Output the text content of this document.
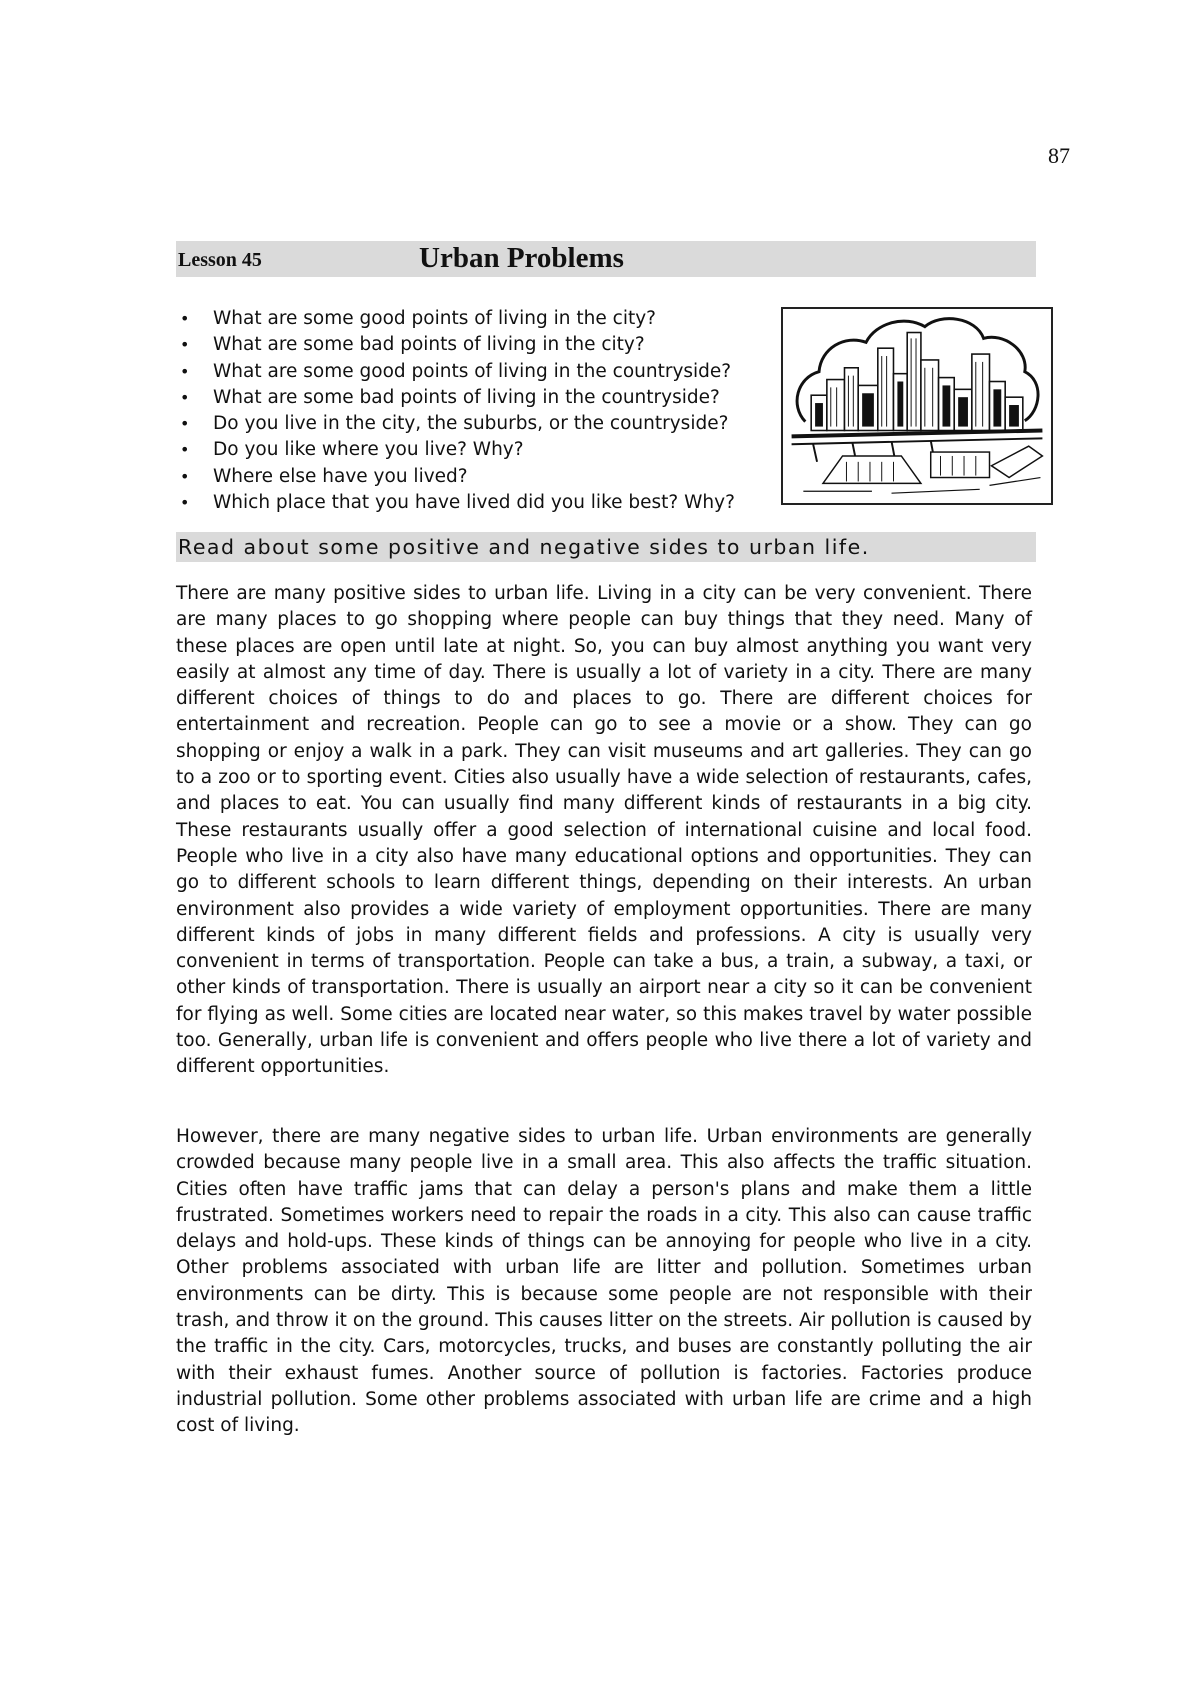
87
Lesson 45	Urban Problems
• What are some good points of living in the city?
• What are some bad points of living in the city?
• What are some good points of living in the countryside?
• What are some bad points of living in the countryside?
• Do you live in the city, the suburbs, or the countryside?
• Do you like where you live? Why?
• Where else have you lived?
• Which place that you have lived did you like best? Why?
Read about some positive and negative sides to urban life.

There are many positive sides to urban life. Living in a city can be very convenient. There are many places to go shopping where people can buy things that they need. Many of these places are open until late at night. So, you can buy almost anything you want very easily at almost any time of day. There is usually a lot of variety in a city. There are many different choices of things to do and places to go. There are different choices for entertainment and recreation. People can go to see a movie or a show. They can go shopping or enjoy a walk in a park. They can visit museums and art galleries. They can go to a zoo or to sporting event. Cities also usually have a wide selection of restaurants, cafes, and places to eat. You can usually find many different kinds of restaurants in a big city. These restaurants usually offer a good selection of international cuisine and local food. People who live in a city also have many educational options and opportunities. They can go to different schools to learn different things, depending on their interests. An urban environment also provides a wide variety of employment opportunities. There are many different kinds of jobs in many different fields and professions. A city is usually very convenient in terms of transportation. People can take a bus, a train, a subway, a taxi, or other kinds of transportation. There is usually an airport near a city so it can be convenient for flying as well. Some cities are located near water, so this makes travel by water possible too. Generally, urban life is convenient and offers people who live there a lot of variety and different opportunities.

However, there are many negative sides to urban life. Urban environments are generally crowded because many people live in a small area. This also affects the traffic situation. Cities often have traffic jams that can delay a person's plans and make them a little frustrated. Sometimes workers need to repair the roads in a city. This also can cause traffic delays and hold-ups. These kinds of things can be annoying for people who live in a city. Other problems associated with urban life are litter and pollution. Sometimes urban environments can be dirty. This is because some people are not responsible with their trash, and throw it on the ground. This causes litter on the streets. Air pollution is caused by the traffic in the city. Cars, motorcycles, trucks, and buses are constantly polluting the air with their exhaust fumes. Another source of pollution is factories. Factories produce industrial pollution. Some other problems associated with urban life are crime and a high cost of living.
